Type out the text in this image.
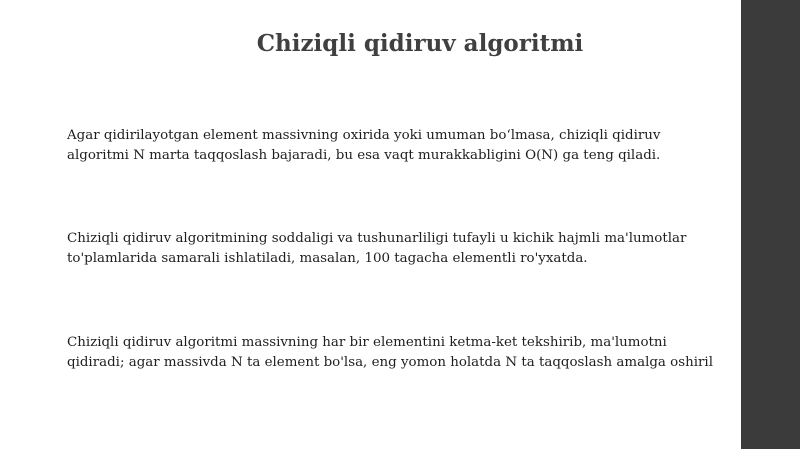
Chiziqli qidiruv algoritmi

Agar qidirilayotgan element massivning oxirida yoki umuman bo‘lmasa, chiziqli qidiruv
algoritmi N marta taqqoslash bajaradi, bu esa vaqt murakkabligini O(N) ga teng qiladi.

Chiziqli qidiruv algoritmining soddaligi va tushunarliligi tufayli u kichik hajmli ma'lumotlar
to'plamlarida samarali ishlatiladi, masalan, 100 tagacha elementli ro'yxatda.

Chiziqli qidiruv algoritmi massivning har bir elementini ketma-ket tekshirib, ma'lumotni
qidiradi; agar massivda N ta element bo'lsa, eng yomon holatda N ta taqqoslash amalga oshiril
